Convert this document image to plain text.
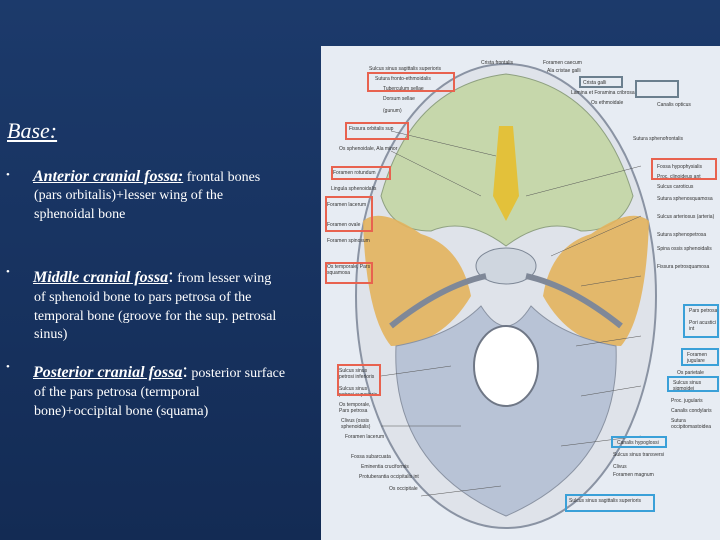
Base:
• Anterior cranial fossa: frontal bones
(pars orbitalis)+lesser wing of the
sphenoidal bone
• Middle cranial fossa: from lesser wing
of sphenoid bone to pars petrosa of the
temporal bone (groove for the sup. petrosal
sinus)
• Posterior cranial fossa: posterior surface
of the pars petrosa (termporal
bone)+occipital bone (squama)
Crista frontalis	Foramen caecum
Ala cristae galli
Crista galli
Lamina et Foramina cribrosa
Os ethmoidale
Sulcus sinus sagittalis superioris
Sutura fronto-ethmoidalis
Tuberculum sellae
Dorsum sellae
(gunum)
Fissura orbitalis sup
Os sphenoidale, Ala minor
Foramen rotundum
Lingula sphenoidalis
Foramen lacerum
Foramen ovale
Foramen spinosum
Os temporale, Pars squamosa
Canalis opticus
Sutura sphenofrontalis
Fossa hypophysialis
Proc. clinoideus ant
Sulcus caroticus
Sutura sphenosquamosa
Sulcus arteriosus (arteria)
Sutura sphenopetrosa
Spina ossis sphenoidalis
Fissura petrosquamosa
Pars petrosa
Pori acustici int
Foramen jugulare
Os parietale
Sulcus sinus sigmoidei
Proc. jugularis
Canalis condylaris
Sutura occipitomastoidea
Canalis hypoglossi
Sulcus sinus transversi
Clivus
Foramen magnum
Sulcus sinus sagittalis superioris
Sulcus sinus petrosi inferioris
Sulcus sinus petrosi superioris
Os temporale, Pars petrosa
Clivus (ossis sphenoidalis)
Foramen lacerum
Fossa subarcuata
Protuberantia occipitalis int
Os occipitale
Eminentia cruciformis
